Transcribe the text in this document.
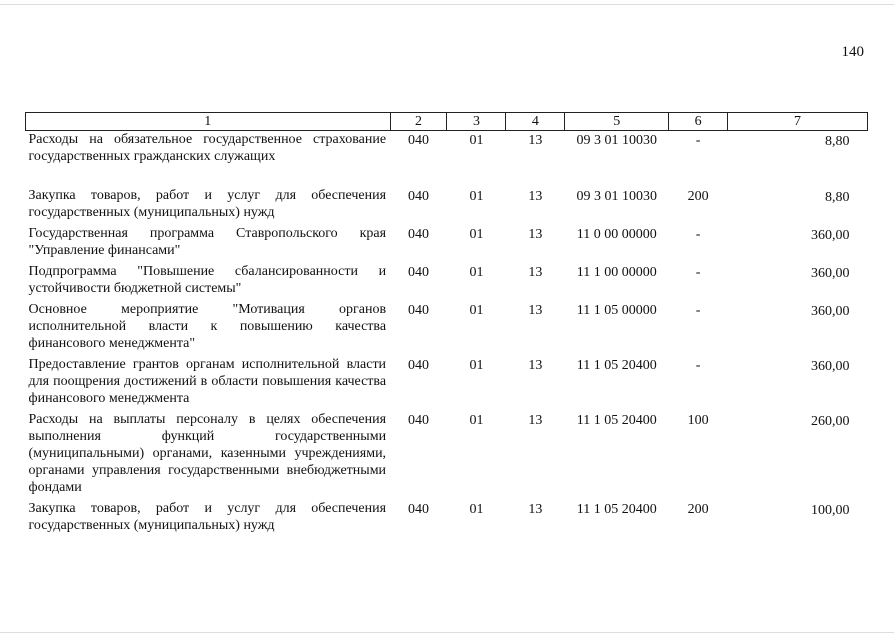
140
1	2	3	4	5	6	7
Расходы на обязательное государственное страхование государственных гражданских служащих	040	01	13	09 3 01 10030	-	8,80

Закупка товаров, работ и услуг для обеспечения государственных (муниципальных) нужд	040	01	13	09 3 01 10030	200	8,80

Государственная программа Ставропольского края "Управление финансами"	040	01	13	11 0 00 00000	-	360,00

Подпрограмма "Повышение сбалансированности и устойчивости бюджетной системы"	040	01	13	11 1 00 00000	-	360,00

Основное мероприятие "Мотивация органов исполнительной власти к повышению качества финансового менеджмента"	040	01	13	11 1 05 00000	-	360,00

Предоставление грантов органам исполнительной власти для поощрения достижений в области повышения качества финансового менеджмента	040	01	13	11 1 05 20400	-	360,00

Расходы на выплаты персоналу в целях обеспечения выполнения функций государственными (муниципальными) органами, казенными учреждениями, органами управления государственными внебюджетными фондами	040	01	13	11 1 05 20400	100	260,00

Закупка товаров, работ и услуг для обеспечения государственных (муниципальных) нужд	040	01	13	11 1 05 20400	200	100,00
